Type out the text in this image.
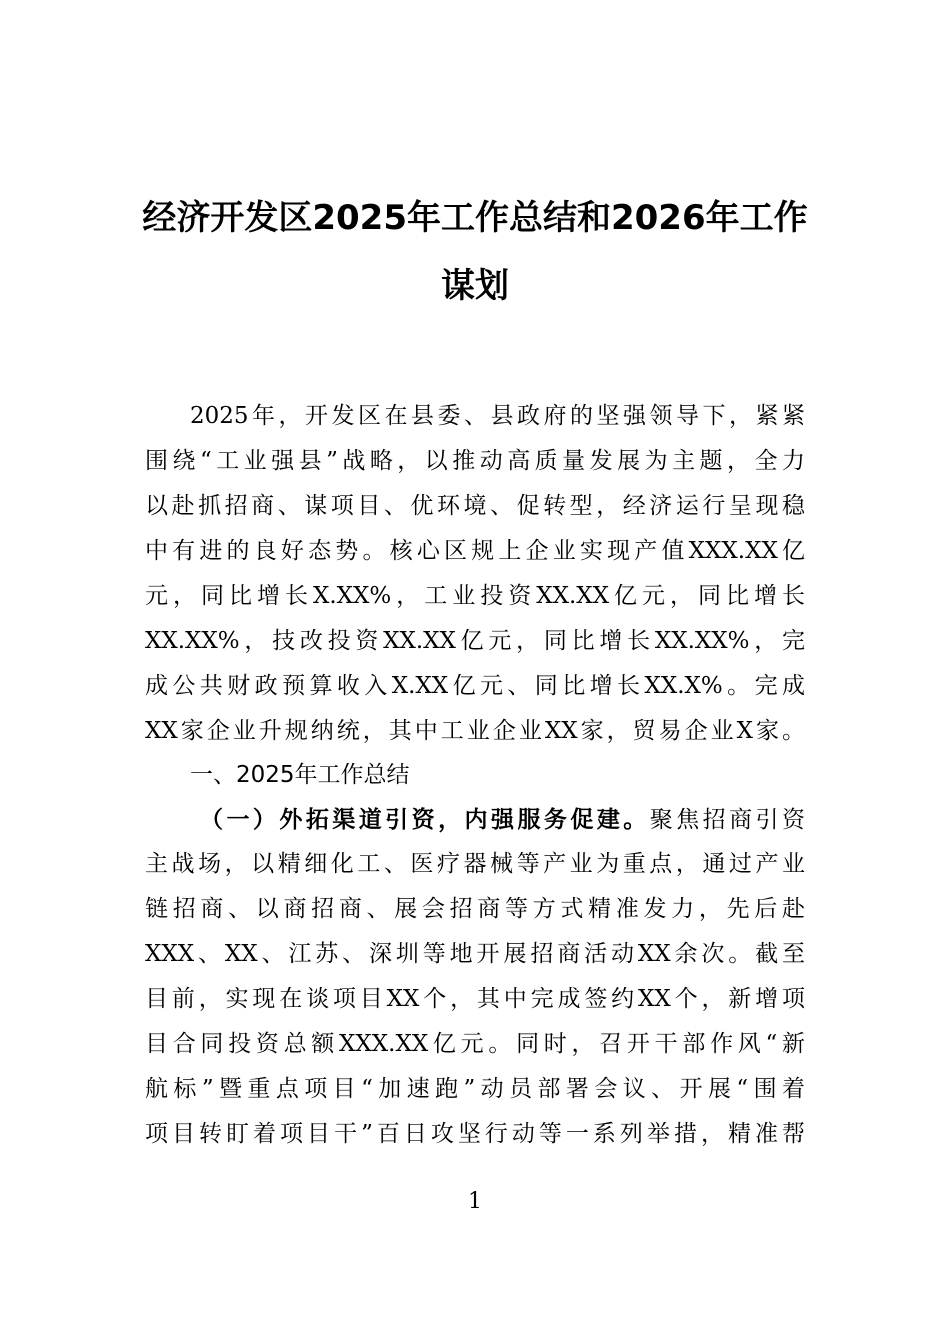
经济开发区2025年工作总结和2026年工作
谋划
2025年，开发区在县委、县政府的坚强领导下，紧紧
围绕“工业强县”战略，以推动高质量发展为主题，全力
以赴抓招商、谋项目、优环境、促转型，经济运行呈现稳
中有进的良好态势。核心区规上企业实现产值XXX.XX亿
元，同比增长X.XX%，工业投资XX.XX亿元，同比增长
XX.XX%，技改投资XX.XX亿元，同比增长XX.XX%，完
成公共财政预算收入X.XX亿元、同比增长XX.X%。完成
XX家企业升规纳统，其中工业企业XX家，贸易企业X家。
一、2025年工作总结
（一）外拓渠道引资，内强服务促建。聚焦招商引资
主战场，以精细化工、医疗器械等产业为重点，通过产业
链招商、以商招商、展会招商等方式精准发力，先后赴
XXX、XX、江苏、深圳等地开展招商活动XX余次。截至
目前，实现在谈项目XX个，其中完成签约XX个，新增项
目合同投资总额XXX.XX亿元。同时，召开干部作风“新
航标”暨重点项目“加速跑”动员部署会议、开展“围着
项目转盯着项目干”百日攻坚行动等一系列举措，精准帮
1
